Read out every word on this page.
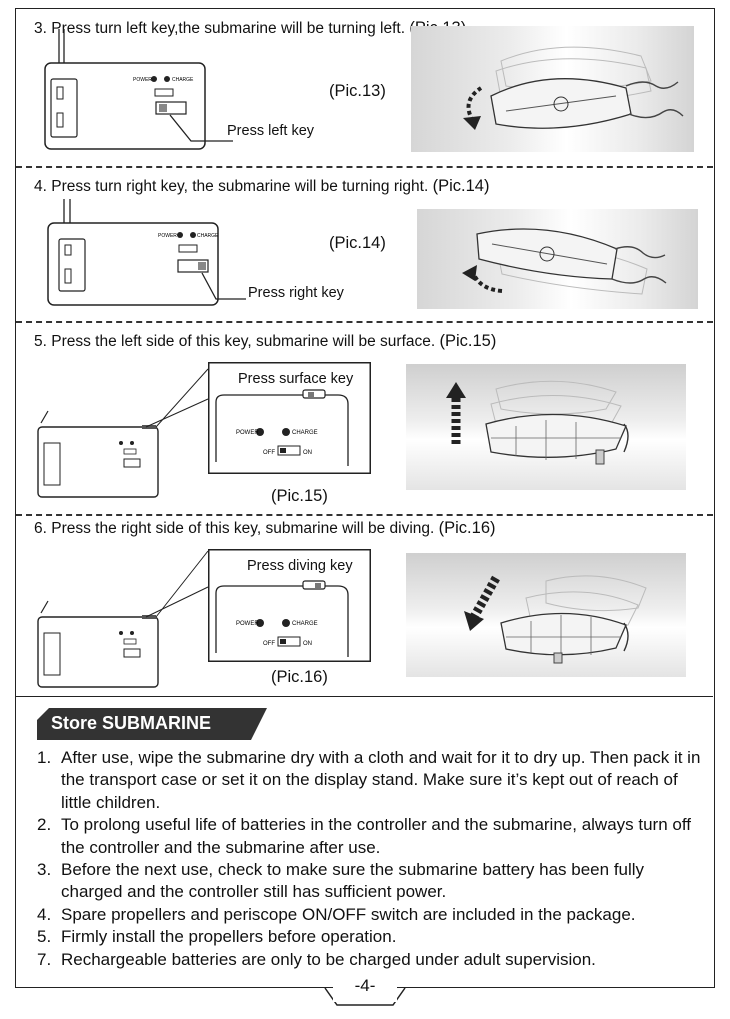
3. Press turn left key,the submarine will be turning left.
POWER	CHARGE
Press left key
(Pic.13)
4. Press turn right key, the submarine will be turning right. (Pic.14)
POWER	CHARGE
Press right key
(Pic.14)
5. Press the left side of this key, submarine will be surface. (Pic.15)
POWER	CHARGE
OFF	ON
Press surface key
(Pic.15)
6. Press the right side of this key, submarine will be diving. (Pic.16)
POWER	CHARGE
OFF	ON
Press diving key
(Pic.16)
Store SUBMARINE
1. After use, wipe the submarine dry with a cloth and wait for it to dry up. Then pack it in the transport case or set it on the display stand. Make sure it’s kept out of reach of little children.
2. To prolong useful life of batteries in the controller and the submarine, always turn off the controller and the submarine after use.
3. Before the next use, check to make sure the submarine battery has been fully charged and the controller still has sufficient power.
4. Spare propellers and periscope ON/OFF switch are included in the package.
5. Firmly install the propellers before operation.
7. Rechargeable batteries are only to be charged under adult supervision.
-4-
